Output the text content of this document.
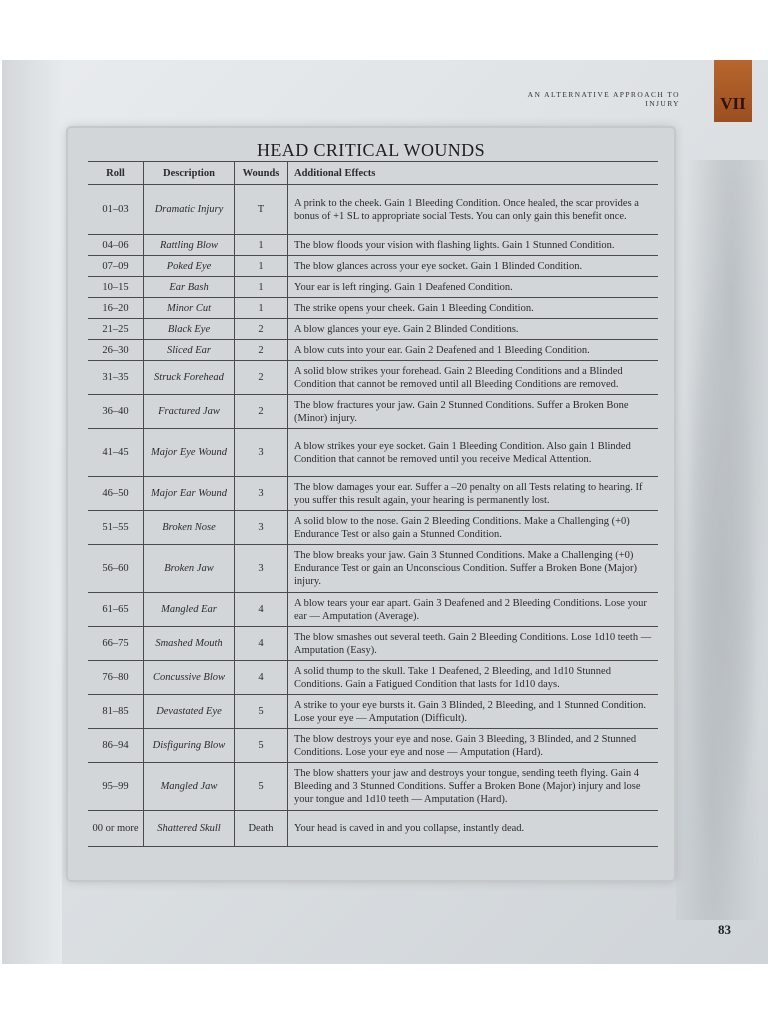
AN ALTERNATIVE APPROACH TO INJURY	VII
HEAD CRITICAL WOUNDS
Roll	Description	Wounds	Additional Effects
01–03	Dramatic Injury	T	A prink to the cheek. Gain 1 Bleeding Condition. Once healed, the scar provides a bonus of +1 SL to appropriate social Tests. You can only gain this benefit once.
04–06	Rattling Blow	1	The blow floods your vision with flashing lights. Gain 1 Stunned Condition.
07–09	Poked Eye	1	The blow glances across your eye socket. Gain 1 Blinded Condition.
10–15	Ear Bash	1	Your ear is left ringing. Gain 1 Deafened Condition.
16–20	Minor Cut	1	The strike opens your cheek. Gain 1 Bleeding Condition.
21–25	Black Eye	2	A blow glances your eye. Gain 2 Blinded Conditions.
26–30	Sliced Ear	2	A blow cuts into your ear. Gain 2 Deafened and 1 Bleeding Condition.
31–35	Struck Forehead	2	A solid blow strikes your forehead. Gain 2 Bleeding Conditions and a Blinded Condition that cannot be removed until all Bleeding Conditions are removed.
36–40	Fractured Jaw	2	The blow fractures your jaw. Gain 2 Stunned Conditions. Suffer a Broken Bone (Minor) injury.
41–45	Major Eye Wound	3	A blow strikes your eye socket. Gain 1 Bleeding Condition. Also gain 1 Blinded Condition that cannot be removed until you receive Medical Attention.
46–50	Major Ear Wound	3	The blow damages your ear. Suffer a –20 penalty on all Tests relating to hearing. If you suffer this result again, your hearing is permanently lost.
51–55	Broken Nose	3	A solid blow to the nose. Gain 2 Bleeding Conditions. Make a Challenging (+0) Endurance Test or also gain a Stunned Condition.
56–60	Broken Jaw	3	The blow breaks your jaw. Gain 3 Stunned Conditions. Make a Challenging (+0) Endurance Test or gain an Unconscious Condition. Suffer a Broken Bone (Major) injury.
61–65	Mangled Ear	4	A blow tears your ear apart. Gain 3 Deafened and 2 Bleeding Conditions. Lose your ear — Amputation (Average).
66–75	Smashed Mouth	4	The blow smashes out several teeth. Gain 2 Bleeding Conditions. Lose 1d10 teeth — Amputation (Easy).
76–80	Concussive Blow	4	A solid thump to the skull. Take 1 Deafened, 2 Bleeding, and 1d10 Stunned Conditions. Gain a Fatigued Condition that lasts for 1d10 days.
81–85	Devastated Eye	5	A strike to your eye bursts it. Gain 3 Blinded, 2 Bleeding, and 1 Stunned Condition. Lose your eye — Amputation (Difficult).
86–94	Disfiguring Blow	5	The blow destroys your eye and nose. Gain 3 Bleeding, 3 Blinded, and 2 Stunned Conditions. Lose your eye and nose — Amputation (Hard).
95–99	Mangled Jaw	5	The blow shatters your jaw and destroys your tongue, sending teeth flying. Gain 4 Bleeding and 3 Stunned Conditions. Suffer a Broken Bone (Major) injury and lose your tongue and 1d10 teeth — Amputation (Hard).
00 or more	Shattered Skull	Death	Your head is caved in and you collapse, instantly dead.
83
